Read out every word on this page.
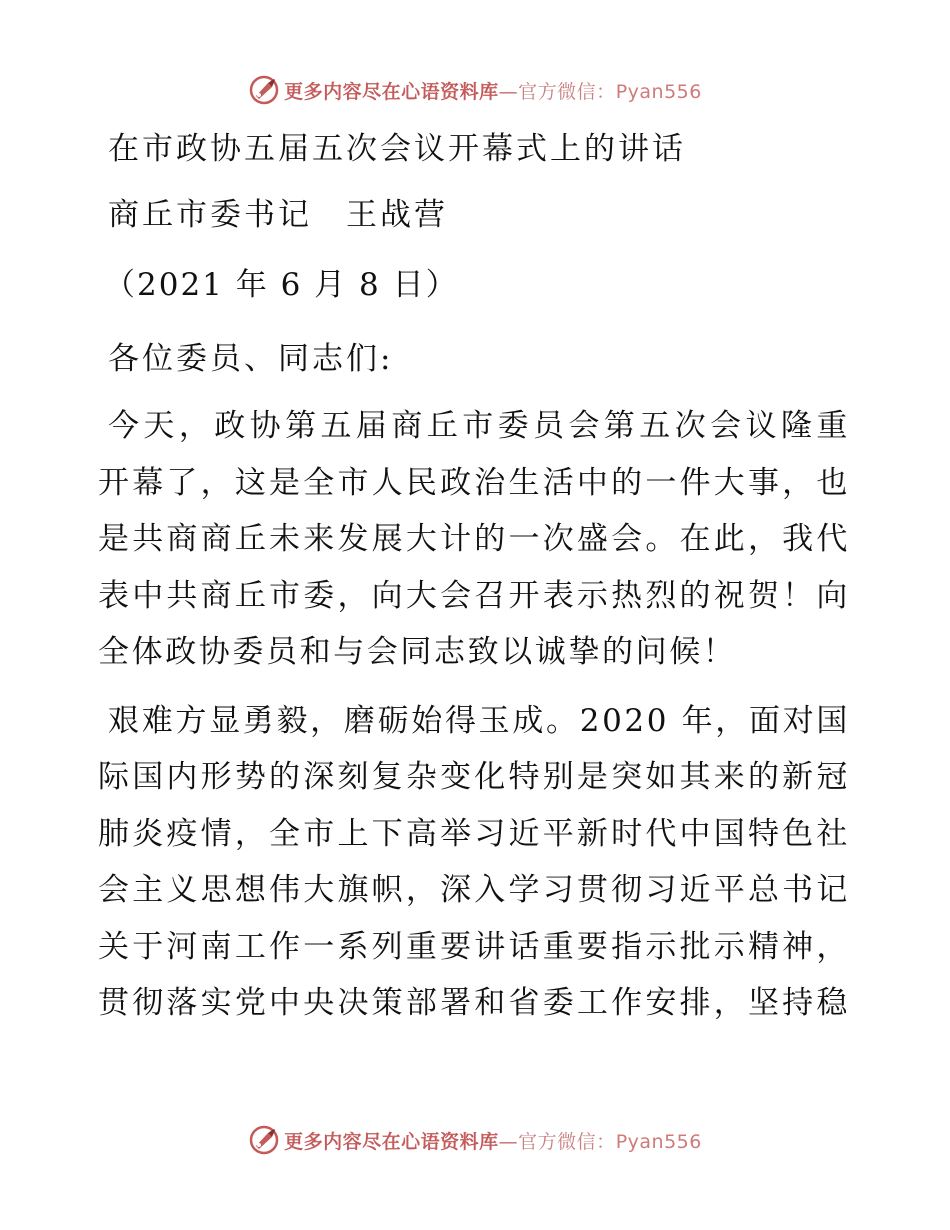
更多内容尽在心语资料库—官方微信：Pyan556
在市政协五届五次会议开幕式上的讲话
商丘市委书记　王战营
（2021 年 6 月 8 日）
各位委员、同志们:
今天，政协第五届商丘市委员会第五次会议隆重
开幕了，这是全市人民政治生活中的一件大事，也
是共商商丘未来发展大计的一次盛会。在此，我代
表中共商丘市委，向大会召开表示热烈的祝贺！向
全体政协委员和与会同志致以诚挚的问候！
艰难方显勇毅，磨砺始得玉成。2020 年，面对国
际国内形势的深刻复杂变化特别是突如其来的新冠
肺炎疫情，全市上下高举习近平新时代中国特色社
会主义思想伟大旗帜，深入学习贯彻习近平总书记
关于河南工作一系列重要讲话重要指示批示精神，
贯彻落实党中央决策部署和省委工作安排，坚持稳
更多内容尽在心语资料库—官方微信：Pyan556
